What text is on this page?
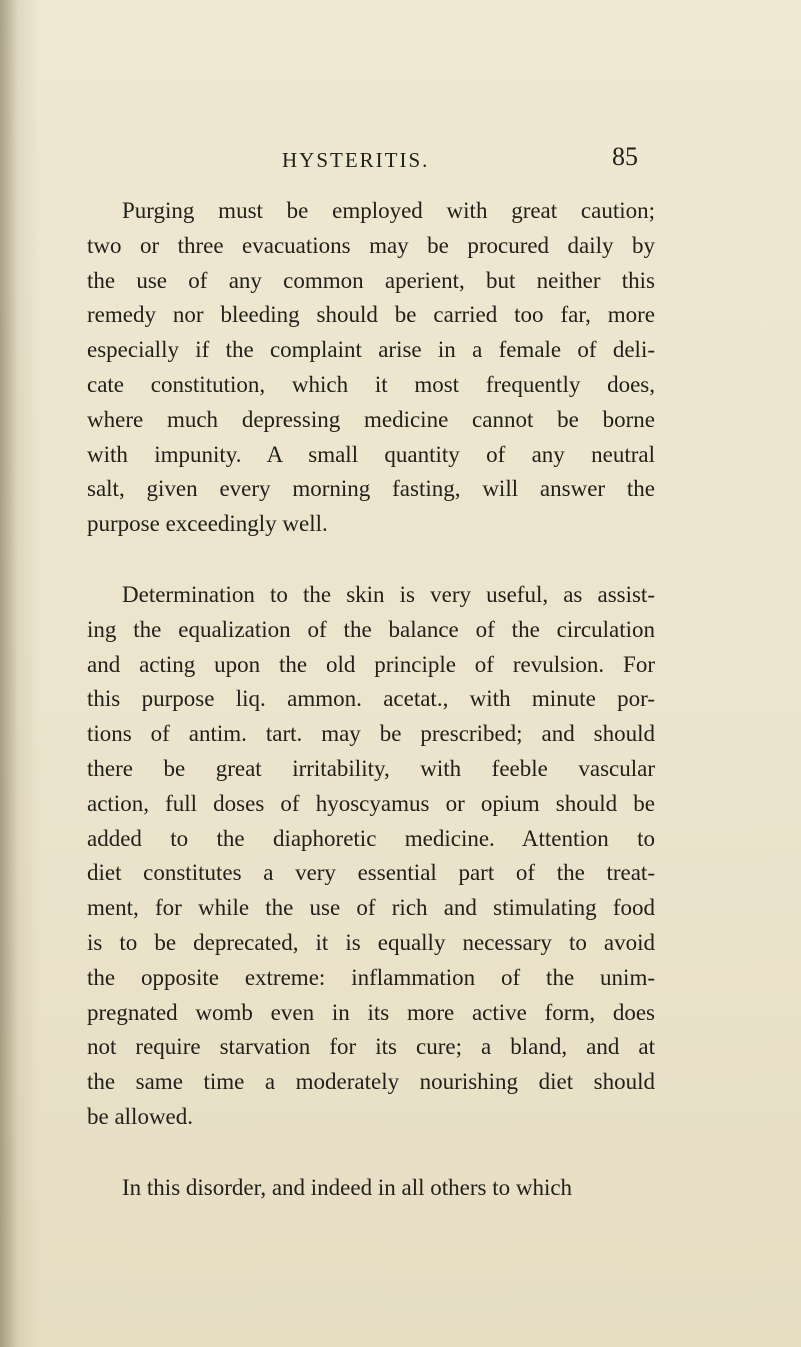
HYSTERITIS.	85
Purging must be employed with great caution;
two or three evacuations may be procured daily by
the use of any common aperient, but neither this
remedy nor bleeding should be carried too far, more
especially if the complaint arise in a female of deli-
cate constitution, which it most frequently does,
where much depressing medicine cannot be borne
with impunity. A small quantity of any neutral
salt, given every morning fasting, will answer the
purpose exceedingly well.
Determination to the skin is very useful, as assist-
ing the equalization of the balance of the circulation
and acting upon the old principle of revulsion. For
this purpose liq. ammon. acetat., with minute por-
tions of antim. tart. may be prescribed; and should
there be great irritability, with feeble vascular
action, full doses of hyoscyamus or opium should be
added to the diaphoretic medicine. Attention to
diet constitutes a very essential part of the treat-
ment, for while the use of rich and stimulating food
is to be deprecated, it is equally necessary to avoid
the opposite extreme: inflammation of the unim-
pregnated womb even in its more active form, does
not require starvation for its cure; a bland, and at
the same time a moderately nourishing diet should
be allowed.
In this disorder, and indeed in all others to which
